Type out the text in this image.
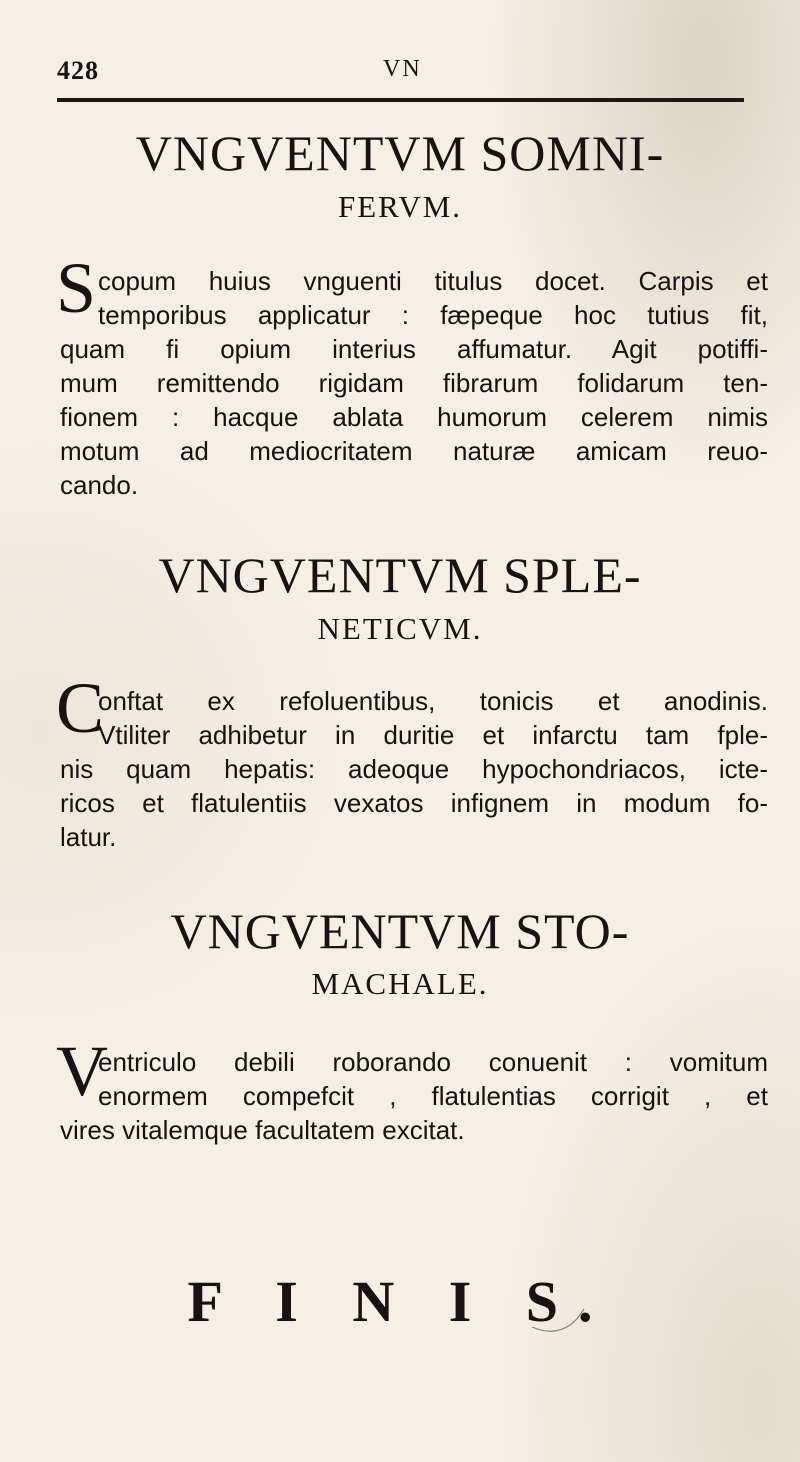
428	VN
VNGVENTVM SOMNI-
FERVM.
S copum huius vnguenti titulus docet. Carpis et
temporibus applicatur : fæpeque hoc tutius fit,
quam fi opium interius affumatur. Agit potiffi-
mum remittendo rigidam fibrarum folidarum ten-
fionem : hacque ablata humorum celerem nimis
motum ad mediocritatem naturæ amicam reuo-
cando.
VNGVENTVM SPLE-
NETICVM.
C
onftat ex refoluentibus, tonicis et anodinis.
Vtiliter adhibetur in duritie et infarctu tam fple-
nis quam hepatis: adeoque hypochondriacos, icte-
ricos et flatulentiis vexatos infignem in modum fo-
latur.
VNGVENTVM STO-
MACHALE.
V
entriculo debili roborando conuenit : vomitum
enormem compefcit , flatulentias corrigit , et
vires vitalemque facultatem excitat.
F I N I S.
